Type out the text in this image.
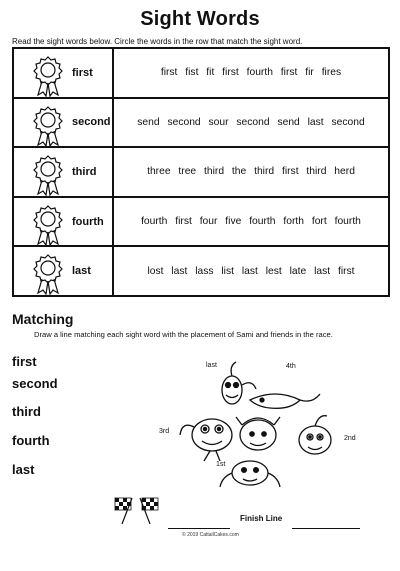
Sight Words
Read the sight words below. Circle the words in the row that match the sight word.
first	first fist fit first fourth first fir fires

second	send second sour second send last second

third	three tree third the third first third herd

fourth	fourth first four five fourth forth fort fourth

last	lost last lass list last lest late last first
Matching
Draw a line matching each sight word with the placement of Sami and friends in the race.
first
second
third
fourth
last
last	4th
3rd
2nd
1st
Finish Line
© 2019 CattailCakes.com
